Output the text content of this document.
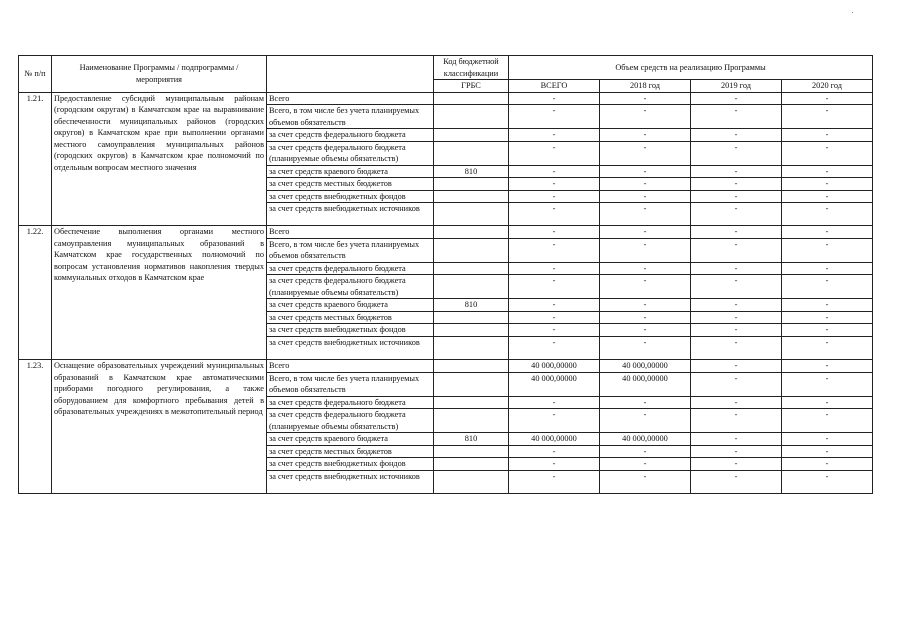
№ п/п	Наименование Программы / подпрограммы / мероприятия		Код бюджетной классификации	Объем средств на реализацию Программы			

			ГРБС	ВСЕГО	2018 год	2019 год	2020 год
1.21.	Предоставление субсидий муниципальным районам (городским округам) в Камчатском крае на выравнивание обеспеченности муниципальных районов (городских округов) в Камчатском крае при выполнении органами местного самоуправления муниципальных районов (городских округов) в Камчатском крае полномочий по отдельным вопросам местного значения	Всего		-	-	-	-
		Всего, в том числе без учета планируемых объемов обязательств		-	-	-	-
		за счет средств федерального бюджета		-	-	-	-
		за счет средств федерального бюджета (планируемые объемы обязательств)		-	-	-	-
		за счет средств краевого бюджета	810	-	-	-	-
		за счет средств местных бюджетов		-	-	-	-
		за счет средств внебюджетных фондов		-	-	-	-
		за счет средств внебюджетных источников		-	-	-	-
1.22.	Обеспечение выполнения органами местного самоуправления муниципальных образований в Камчатском крае государственных полномочий по вопросам установления нормативов накопления твердых коммунальных отходов в Камчатском крае	Всего		-	-	-	-
		Всего, в том числе без учета планируемых объемов обязательств		-	-	-	-
		за счет средств федерального бюджета		-	-	-	-
		за счет средств федерального бюджета (планируемые объемы обязательств)		-	-	-	-
		за счет средств краевого бюджета	810	-	-	-	-
		за счет средств местных бюджетов		-	-	-	-
		за счет средств внебюджетных фондов		-	-	-	-
		за счет средств внебюджетных источников		-	-	-	-
1.23.	Оснащение образовательных учреждений муниципальных образований в Камчатском крае автоматическими приборами погодного регулирования, а также оборудованием для комфортного пребывания детей в образовательных учреждениях в межотопительный период	Всего		40 000,00000	40 000,00000	-	-
		Всего, в том числе без учета планируемых объемов обязательств		40 000,00000	40 000,00000	-	-
		за счет средств федерального бюджета		-	-	-	-
		за счет средств федерального бюджета (планируемые объемы обязательств)		-	-	-	-
		за счет средств краевого бюджета	810	40 000,00000	40 000,00000	-	-
		за счет средств местных бюджетов		-	-	-	-
		за счет средств внебюджетных фондов		-	-	-	-
		за счет средств внебюджетных источников		-	-	-	-
